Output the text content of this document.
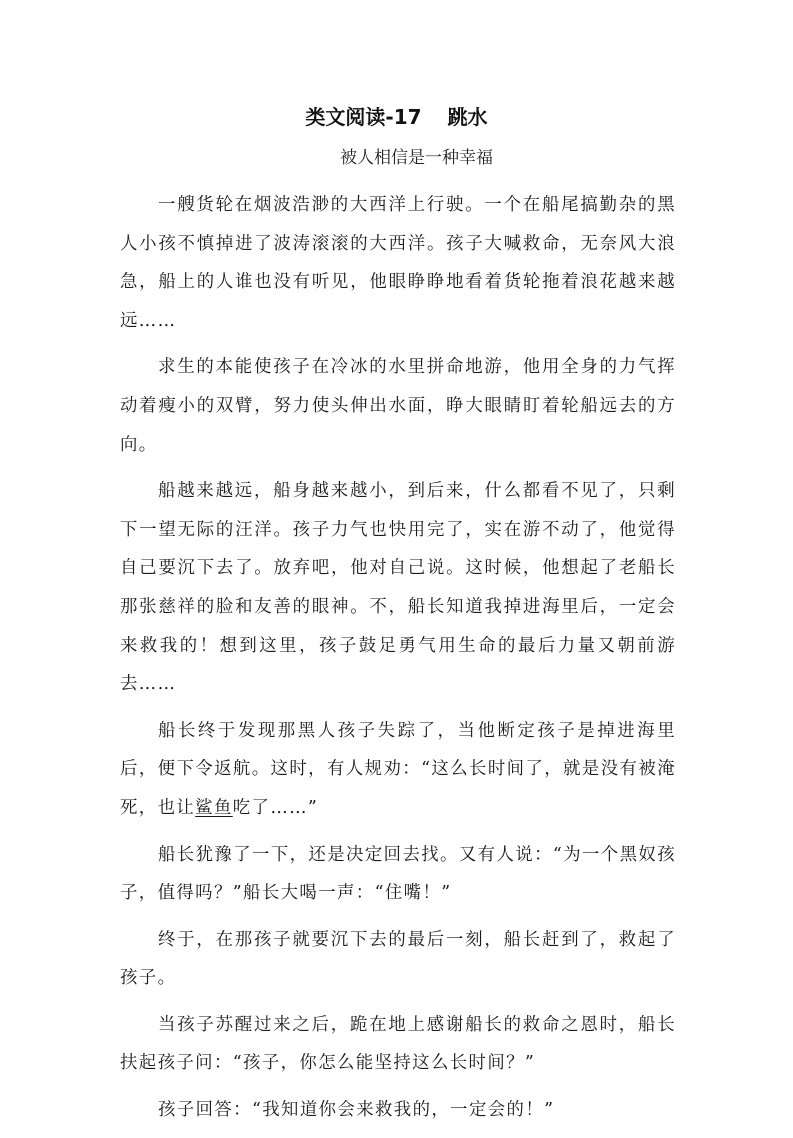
类文阅读-17 跳水
被人相信是一种幸福

一艘货轮在烟波浩渺的大西洋上行驶。一个在船尾搞勤杂的黑人小孩不慎掉进了波涛滚滚的大西洋。孩子大喊救命，无奈风大浪急，船上的人谁也没有听见，他眼睁睁地看着货轮拖着浪花越来越远……

求生的本能使孩子在冷冰的水里拼命地游，他用全身的力气挥动着瘦小的双臂，努力使头伸出水面，睁大眼睛盯着轮船远去的方向。

船越来越远，船身越来越小，到后来，什么都看不见了，只剩下一望无际的汪洋。孩子力气也快用完了，实在游不动了，他觉得自己要沉下去了。放弃吧，他对自己说。这时候，他想起了老船长那张慈祥的脸和友善的眼神。不，船长知道我掉进海里后，一定会来救我的！想到这里，孩子鼓足勇气用生命的最后力量又朝前游去……

船长终于发现那黑人孩子失踪了，当他断定孩子是掉进海里后，便下令返航。这时，有人规劝：“这么长时间了，就是没有被淹死，也让鲨鱼吃了……”

船长犹豫了一下，还是决定回去找。又有人说：“为一个黑奴孩子，值得吗？”船长大喝一声：“住嘴！”

终于，在那孩子就要沉下去的最后一刻，船长赶到了，救起了孩子。

当孩子苏醒过来之后，跪在地上感谢船长的救命之恩时，船长扶起孩子问：“孩子，你怎么能坚持这么长时间？”

孩子回答：“我知道你会来救我的，一定会的！”
